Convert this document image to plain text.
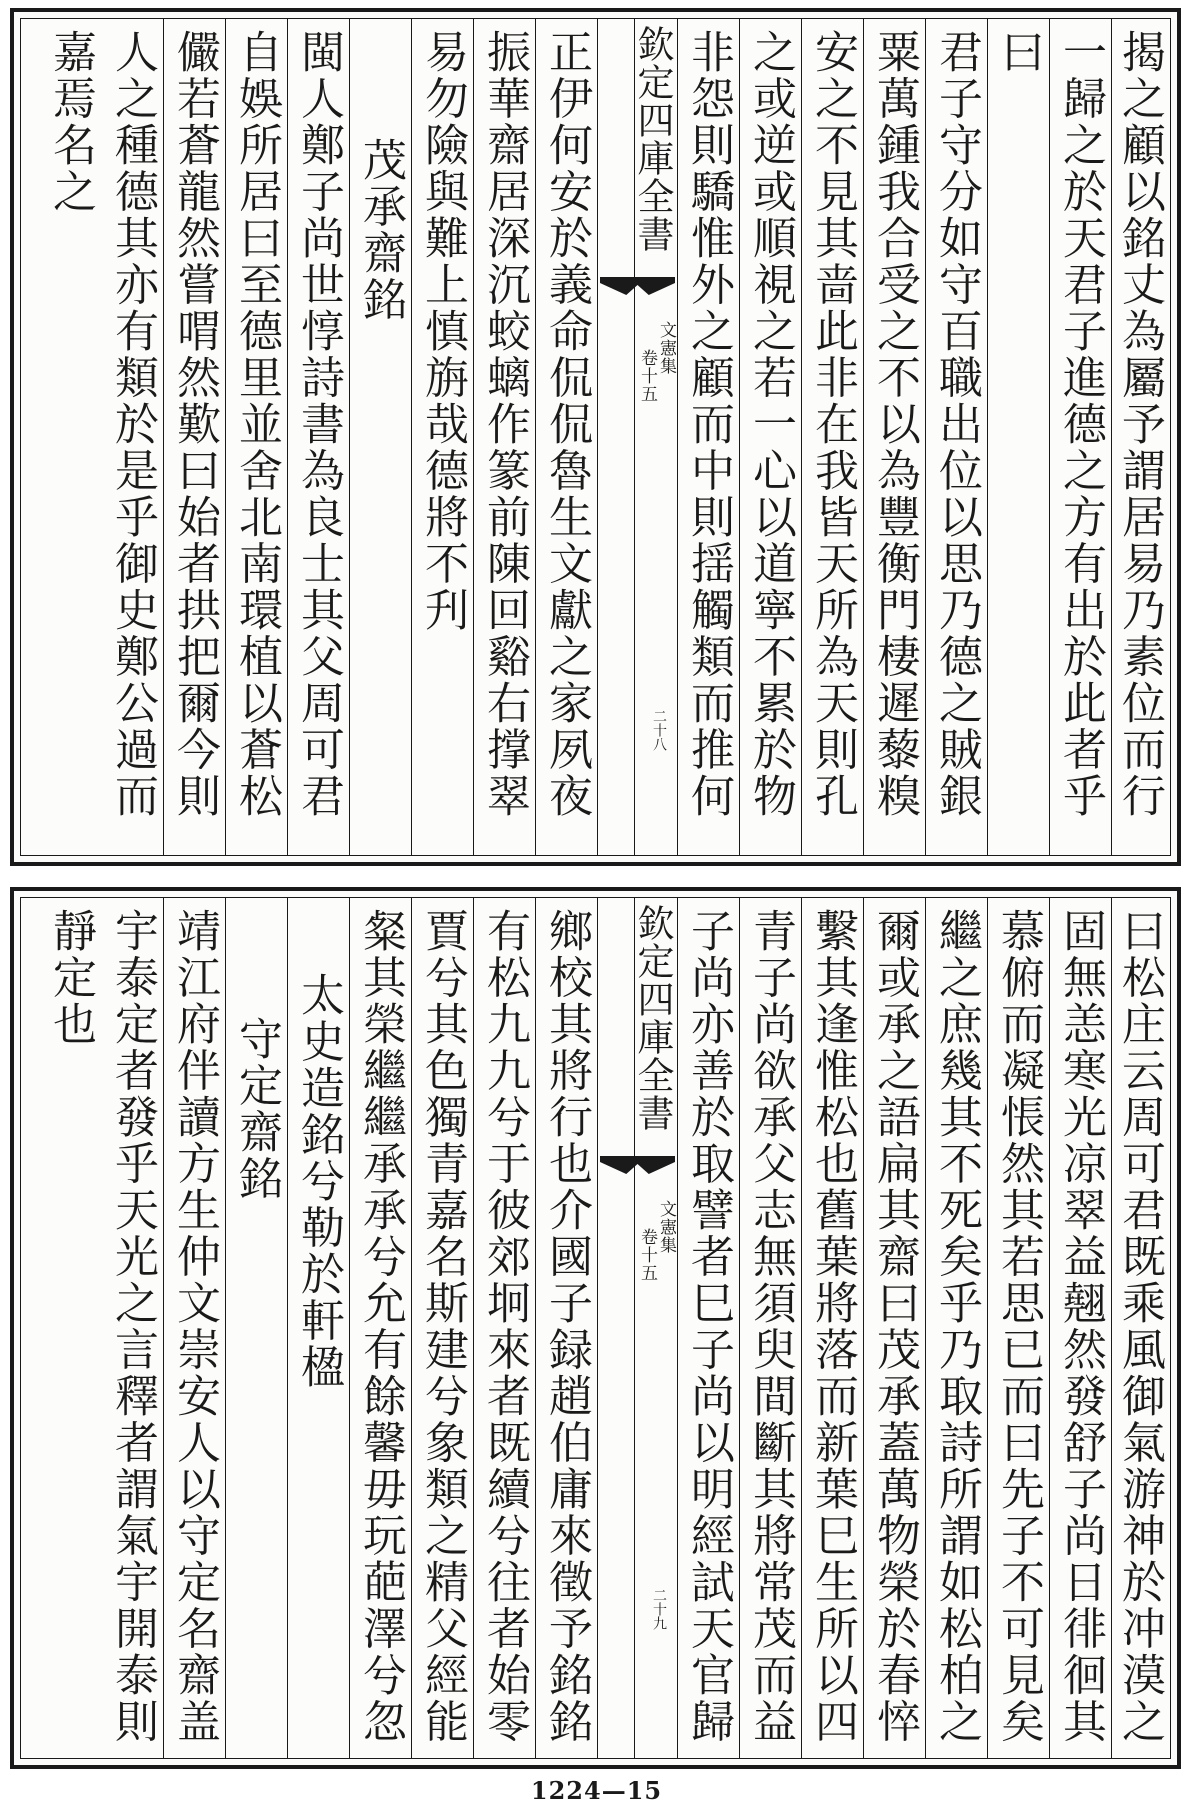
揭之顧以銘丈為屬予謂居易乃素位而行
一歸之於天君子進德之方有出於此者乎
曰
君子守分如守百職出位以思乃德之賊銀
粟萬鍾我合受之不以為豐衡門棲遲藜糗
安之不見其啬此非在我皆天所為天則孔
之或逆或順視之若一心以道寧不累於物
非怨則驕惟外之顧而中則揺觸類而推何
欽定四庫全書
文憲集
卷十五
二十八
正伊何安於義命侃侃魯生文獻之家夙夜
振華齋居深沉蛟螭作篆前陳回谿右撑翠
易勿險與難上慎旃哉德將不刋
茂承齋銘
閩人鄭子尚世惇詩書為良士其父周可君
自娛所居曰至德里並舍北南環植以蒼松
儼若蒼龍然嘗喟然歎曰始者拱把爾今則
人之種德其亦有類於是乎御史鄭公過而嘉焉名之
曰松庄云周可君既乘風御氣游神於冲漠之
固無恙寒光凉翠益翹然發舒子尚日徘徊其
慕俯而凝悵然其若思已而曰先子不可見矣
繼之庶幾其不死矣乎乃取詩所謂如松柏之
爾或承之語扁其齋曰茂承蓋萬物榮於春悴
繫其逢惟松也舊葉將落而新葉巳生所以四
青子尚欲承父志無須臾間斷其將常茂而益
子尚亦善於取譬者巳子尚以明經試天官歸
欽定四庫全書
文憲集
卷十五
二十九
鄉校其將行也介國子録趙伯庸來徵予銘銘
有松九九兮于彼郊坰來者既續兮往者始零
賈兮其色獨青嘉名斯建兮象類之精父經能
粲其榮繼繼承承兮允有餘馨毋玩葩澤兮忽
太史造銘兮勒於軒楹
守定齋銘
靖江府伴讀方生仲文崇安人以守定名齋盖
宇泰定者發乎天光之言釋者謂氣宇開泰則靜定也
1224—15
